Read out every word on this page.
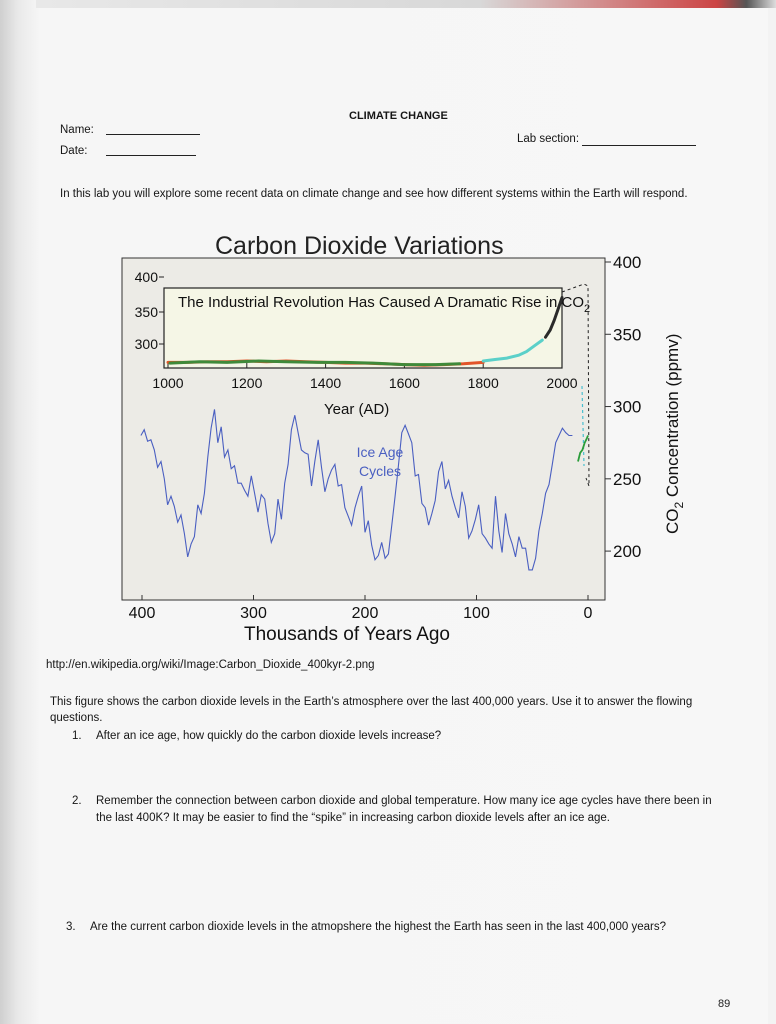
CLIMATE CHANGE
Name:
Date:
Lab section:
In this lab you will explore some recent data on climate change and see how different systems within the Earth will respond.
Carbon Dioxide Variations
The Industrial Revolution Has Caused A Dramatic Rise in $CO_2$
400
350
300
1000	1200	1400	1600	1800	2000
Year (AD)
Ice Age
Cycles
400	300	200	100	0
400
350
300
250
200
Thousands of Years Ago
$CO_2$ Concentration (ppmv)
http://en.wikipedia.org/wiki/Image:Carbon_Dioxide_400kyr-2.png
This figure shows the carbon dioxide levels in the Earth’s atmosphere over the last 400,000 years. Use it to answer the flowing questions.
1. After an ice age, how quickly do the carbon dioxide levels increase?
2. Remember the connection between carbon dioxide and global temperature. How many ice age cycles have there been in the last 400K? It may be easier to find the “spike” in increasing carbon dioxide levels after an ice age.
3. Are the current carbon dioxide levels in the atmopshere the highest the Earth has seen in the last 400,000 years?
89
